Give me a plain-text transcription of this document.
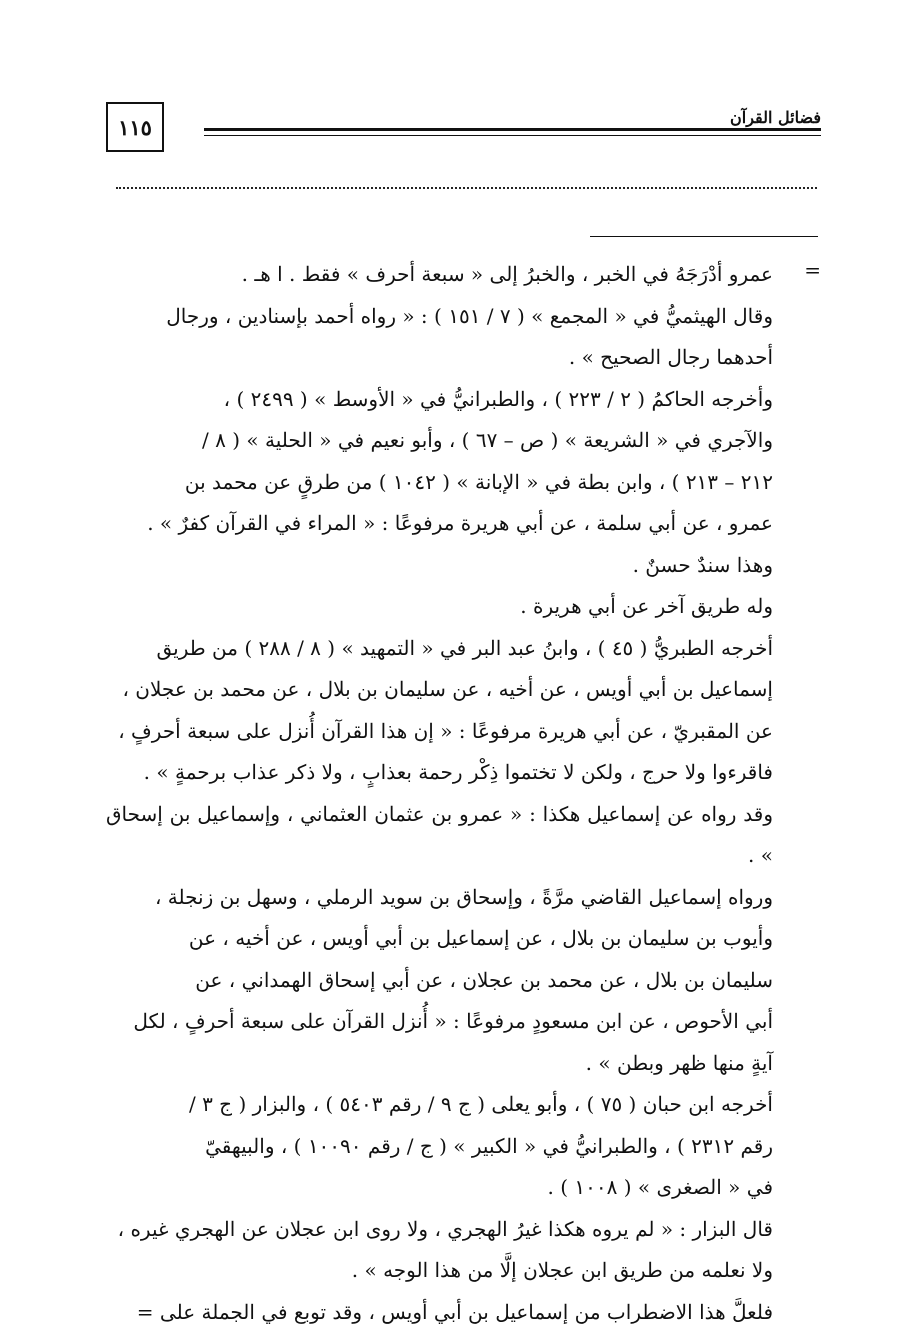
١١٥	فضائل القرآن
=

عمرو أدْرَجَهُ في الخبر ، والخبرُ إلى « سبعة أحرف » فقط . ا هـ .

وقال الهيثميُّ في « المجمع » ( ٧ / ١٥١ ) : « رواه أحمد بإسنادين ، ورجال

أحدهما رجال الصحيح » .

وأخرجه الحاكمُ ( ٢ / ٢٢٣ ) ، والطبرانيُّ في « الأوسط » ( ٢٤٩٩ ) ،

والآجري في « الشريعة » ( ص – ٦٧ ) ، وأبو نعيم في « الحلية » ( ٨ /

٢١٢ – ٢١٣ ) ، وابن بطة في « الإبانة » ( ١٠٤٢ ) من طرقٍ عن محمد بن

عمرو ، عن أبي سلمة ، عن أبي هريرة مرفوعًا : « المراء في القرآن كفرٌ » .

وهذا سندٌ حسنٌ .

وله طريق آخر عن أبي هريرة .

أخرجه الطبريُّ ( ٤٥ ) ، وابنُ عبد البر في « التمهيد » ( ٨ / ٢٨٨ ) من طريق

إسماعيل بن أبي أويس ، عن أخيه ، عن سليمان بن بلال ، عن محمد بن عجلان ،

عن المقبريّ ، عن أبي هريرة مرفوعًا : « إن هذا القرآن أُنزل على سبعة أحرفٍ ،

فاقرءوا ولا حرج ، ولكن لا تختموا ذِكْر رحمة بعذابٍ ، ولا ذكر عذاب برحمةٍ » .

وقد رواه عن إسماعيل هكذا : « عمرو بن عثمان العثماني ، وإسماعيل بن إسحاق » .

ورواه إسماعيل القاضي مرَّةً ، وإسحاق بن سويد الرملي ، وسهل بن زنجلة ،

وأيوب بن سليمان بن بلال ، عن إسماعيل بن أبي أويس ، عن أخيه ، عن

سليمان بن بلال ، عن محمد بن عجلان ، عن أبي إسحاق الهمداني ، عن

أبي الأحوص ، عن ابن مسعودٍ مرفوعًا : « أُنزل القرآن على سبعة أحرفٍ ، لكل

آيةٍ منها ظهر وبطن » .

أخرجه ابن حبان ( ٧٥ ) ، وأبو يعلى ( ج ٩ / رقم ٥٤٠٣ ) ، والبزار ( ج ٣ /

رقم ٢٣١٢ ) ، والطبرانيُّ في « الكبير » ( ج / رقم ١٠٠٩٠ ) ، والبيهقيّ

في « الصغرى » ( ١٠٠٨ ) .

قال البزار : « لم يروه هكذا غيرُ الهجري ، ولا روى ابن عجلان عن الهجري غيره ،

ولا نعلمه من طريق ابن عجلان إلَّا من هذا الوجه » .

فلعلَّ هذا الاضطراب من إسماعيل بن أبي أويس ، وقد توبع في الجملة على =
